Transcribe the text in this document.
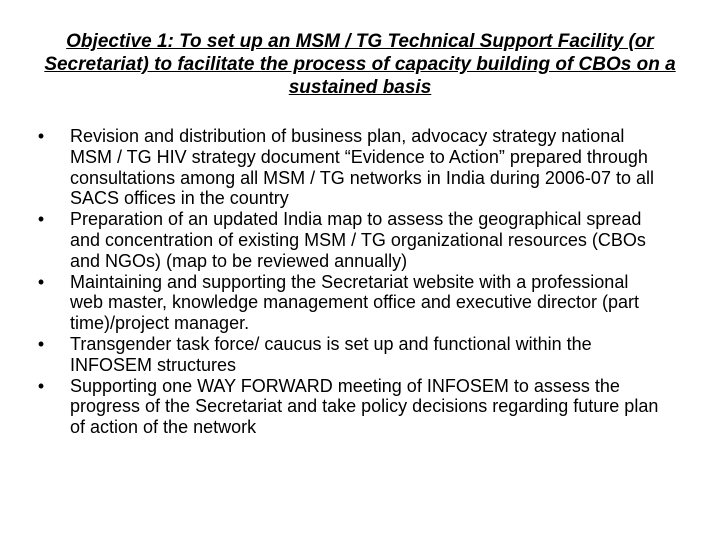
Objective 1: To set up an MSM / TG Technical Support Facility (or Secretariat) to facilitate the process of capacity building of CBOs on a sustained basis
•	Revision and distribution of business plan, advocacy strategy national MSM / TG HIV strategy document “Evidence to Action” prepared through consultations among all MSM / TG networks in India during 2006-07 to all SACS offices in the country
•	Preparation of an updated India map to assess the geographical spread and concentration of existing MSM / TG organizational resources (CBOs and NGOs) (map to be reviewed annually)
•	Maintaining and supporting the Secretariat website with a professional web master, knowledge management office and executive director (part time)/project manager.
•	Transgender task force/ caucus is set up and functional within the INFOSEM structures
•	Supporting one WAY FORWARD meeting of INFOSEM to assess the progress of the Secretariat and take policy decisions regarding future plan of action of the network
